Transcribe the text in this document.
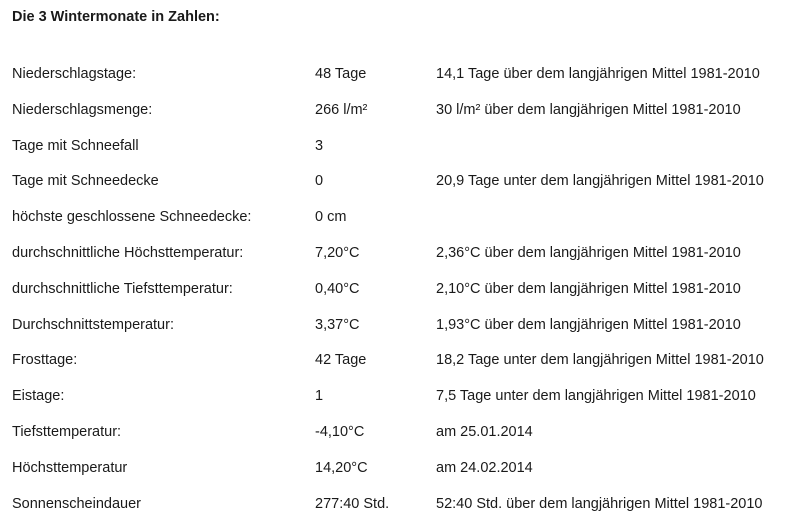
Die 3 Wintermonate in Zahlen:
Niederschlagstage:	48 Tage	14,1 Tage über dem langjährigen Mittel 1981-2010
Niederschlagsmenge:	266 l/m²	30 l/m² über dem langjährigen Mittel 1981-2010
Tage mit Schneefall	3
Tage mit Schneedecke	0	20,9 Tage unter dem langjährigen Mittel 1981-2010
höchste geschlossene Schneedecke:	0 cm
durchschnittliche Höchsttemperatur:	7,20°C	2,36°C über dem langjährigen Mittel 1981-2010
durchschnittliche Tiefsttemperatur:	0,40°C	2,10°C über dem langjährigen Mittel 1981-2010
Durchschnittstemperatur:	3,37°C	1,93°C über dem langjährigen Mittel 1981-2010
Frosttage:	42 Tage	18,2 Tage unter dem langjährigen Mittel 1981-2010
Eistage:	1	7,5 Tage unter dem langjährigen Mittel 1981-2010
Tiefsttemperatur:	-4,10°C	am 25.01.2014
Höchsttemperatur	14,20°C	am 24.02.2014
Sonnenscheindauer	277:40 Std.	52:40 Std. über dem langjährigen Mittel 1981-2010
